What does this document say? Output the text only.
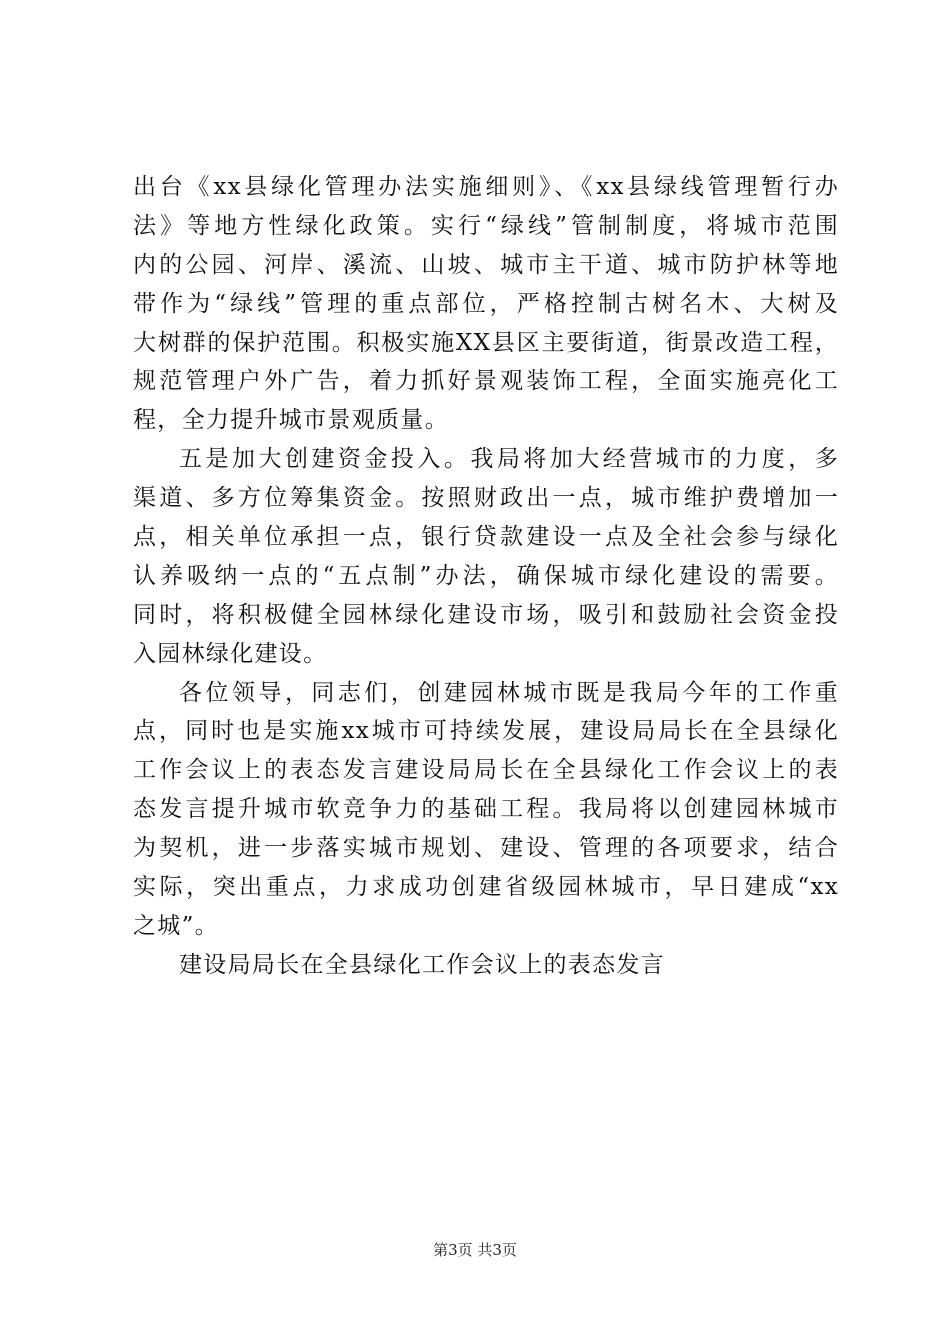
出台《xx县绿化管理办法实施细则》、《xx县绿线管理暂行办
法》等地方性绿化政策。实行“绿线”管制制度，将城市范围
内的公园、河岸、溪流、山坡、城市主干道、城市防护林等地
带作为“绿线”管理的重点部位，严格控制古树名木、大树及
大树群的保护范围。积极实施XX县区主要街道，街景改造工程，
规范管理户外广告，着力抓好景观装饰工程，全面实施亮化工
程，全力提升城市景观质量。
五是加大创建资金投入。我局将加大经营城市的力度，多
渠道、多方位筹集资金。按照财政出一点，城市维护费增加一
点，相关单位承担一点，银行贷款建设一点及全社会参与绿化
认养吸纳一点的“五点制”办法，确保城市绿化建设的需要。
同时，将积极健全园林绿化建设市场，吸引和鼓励社会资金投
入园林绿化建设。
各位领导，同志们，创建园林城市既是我局今年的工作重
点，同时也是实施xx城市可持续发展，建设局局长在全县绿化
工作会议上的表态发言建设局局长在全县绿化工作会议上的表
态发言提升城市软竞争力的基础工程。我局将以创建园林城市
为契机，进一步落实城市规划、建设、管理的各项要求，结合
实际，突出重点，力求成功创建省级园林城市，早日建成“xx
之城”。
建设局局长在全县绿化工作会议上的表态发言
第3页 共3页
